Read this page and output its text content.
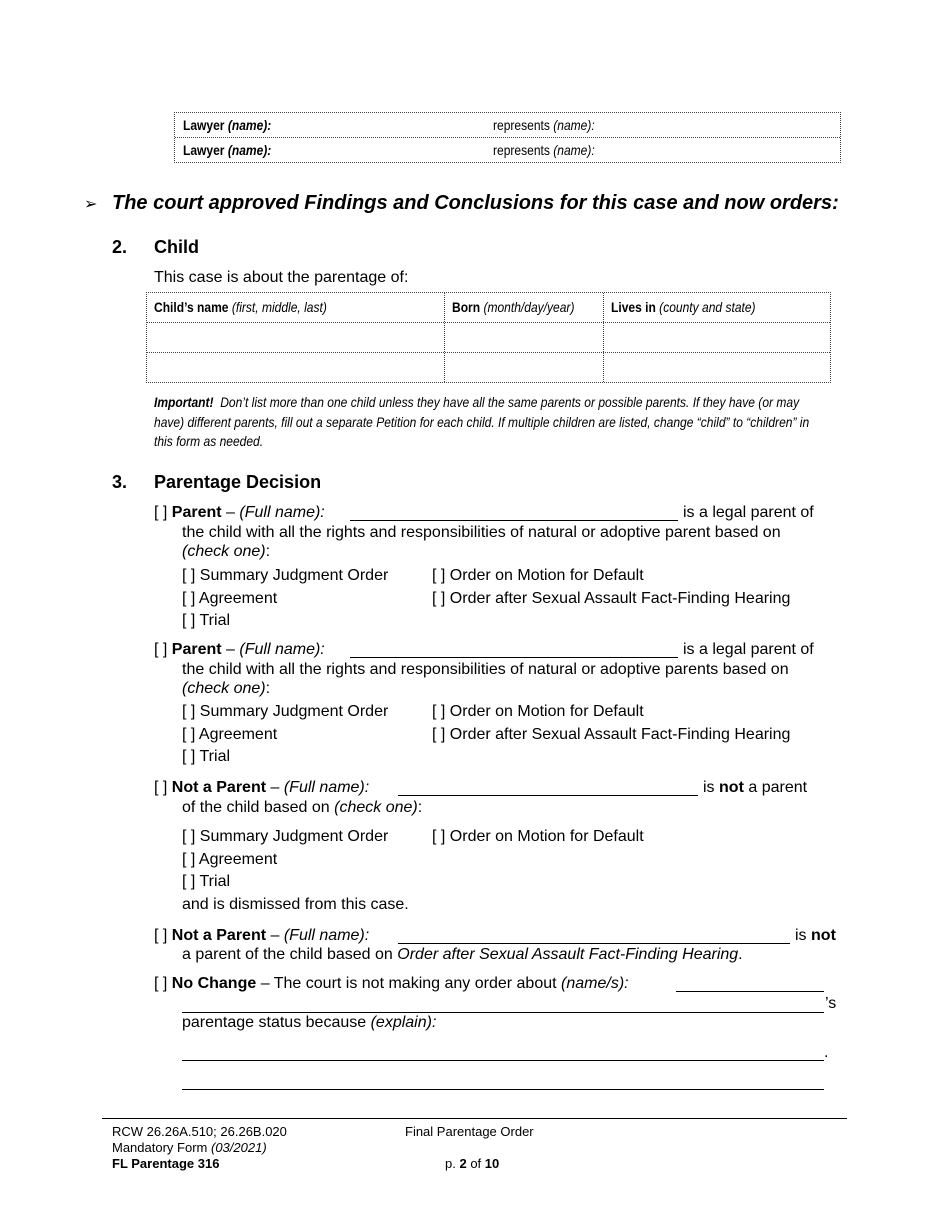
Lawyer (name):	represents (name):
Lawyer (name):	represents (name):
➢ The court approved Findings and Conclusions for this case and now orders:
2. Child
This case is about the parentage of:
Child’s name (first, middle, last)	Born (month/day/year)	Lives in (county and state)
Important! Don’t list more than one child unless they have all the same parents or possible parents. If they have (or may have) different parents, fill out a separate Petition for each child. If multiple children are listed, change “child” to “children” in this form as needed.
3. Parentage Decision
[ ] Parent – (Full name):	is a legal parent of
the child with all the rights and responsibilities of natural or adoptive parent based on
(check one):
[ ] Summary Judgment Order	[ ] Order on Motion for Default
[ ] Agreement	[ ] Order after Sexual Assault Fact-Finding Hearing
[ ] Trial
[ ] Parent – (Full name):	is a legal parent of
the child with all the rights and responsibilities of natural or adoptive parents based on
(check one):
[ ] Summary Judgment Order	[ ] Order on Motion for Default
[ ] Agreement	[ ] Order after Sexual Assault Fact-Finding Hearing
[ ] Trial
[ ] Not a Parent – (Full name):	is not a parent
of the child based on (check one):
[ ] Summary Judgment Order	[ ] Order on Motion for Default
[ ] Agreement
[ ] Trial
and is dismissed from this case.
[ ] Not a Parent – (Full name):	is not
a parent of the child based on Order after Sexual Assault Fact-Finding Hearing.
[ ] No Change – The court is not making any order about (name/s):
’s
parentage status because (explain):
.
RCW 26.26A.510; 26.26B.020
Mandatory Form (03/2021)
FL Parentage 316
Final Parentage Order
p. 2 of 10
